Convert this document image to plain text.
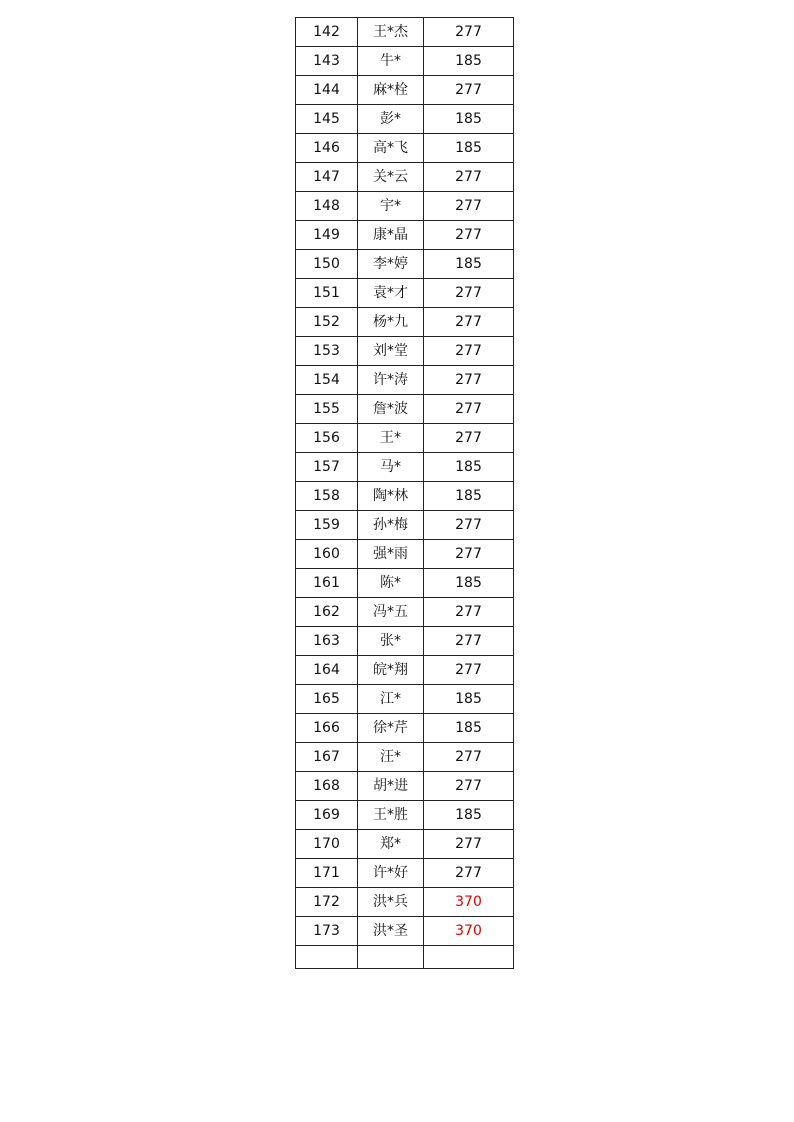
142	王*杰	277
143	牛*	185
144	麻*栓	277
145	彭*	185
146	高*飞	185
147	关*云	277
148	宇*	277
149	康*晶	277
150	李*婷	185
151	袁*才	277
152	杨*九	277
153	刘*堂	277
154	许*涛	277
155	詹*波	277
156	王*	277
157	马*	185
158	陶*林	185
159	孙*梅	277
160	强*雨	277
161	陈*	185
162	冯*五	277
163	张*	277
164	皖*翔	277
165	江*	185
166	徐*芹	185
167	汪*	277
168	胡*进	277
169	王*胜	185
170	郑*	277
171	许*好	277
172	洪*兵	370
173	洪*圣	370
